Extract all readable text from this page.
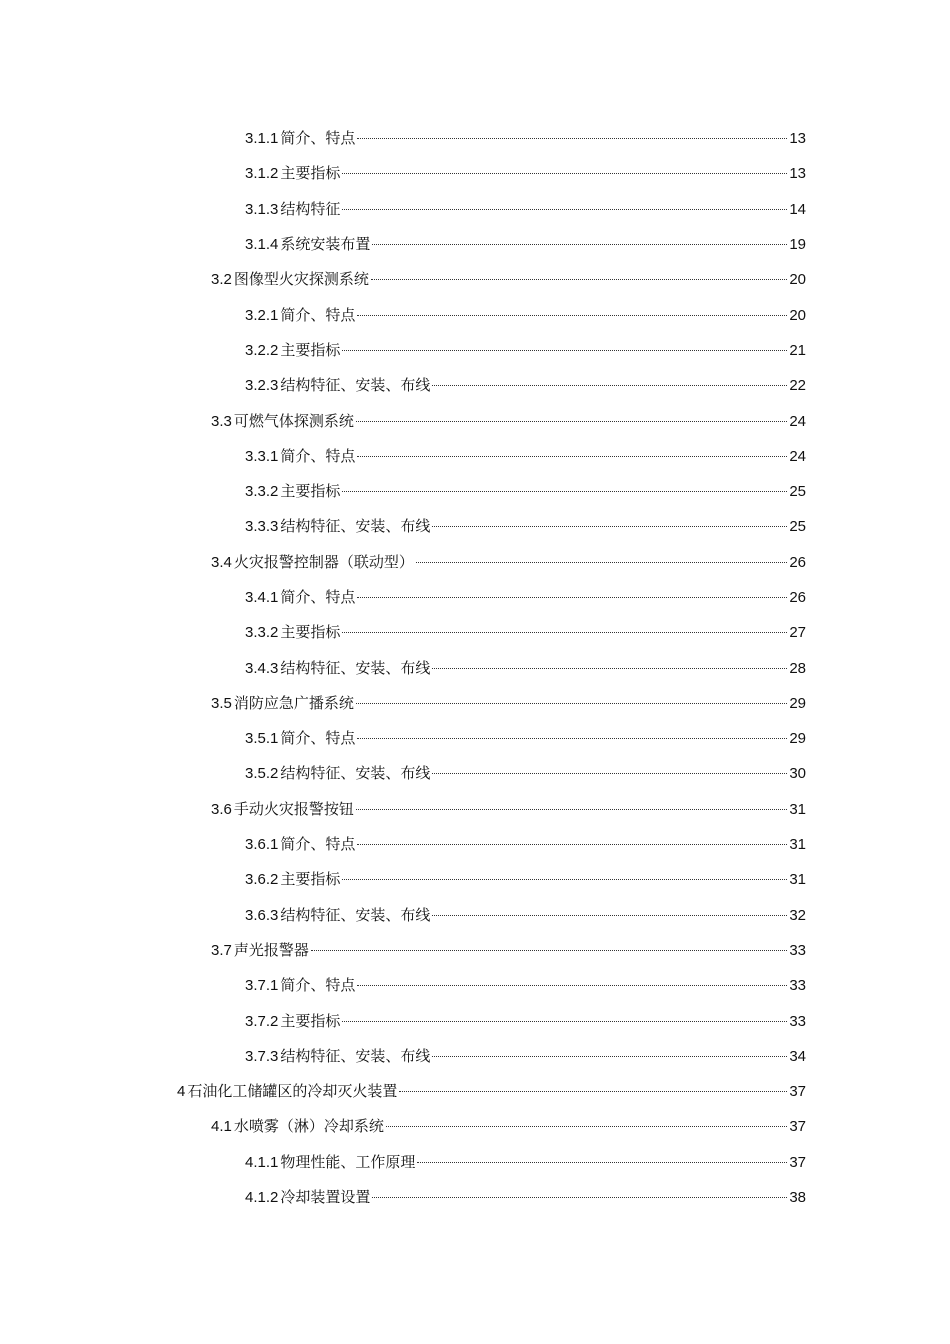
3.1.1 简介、特点	13
3.1.2 主要指标	13
3.1.3 结构特征	14
3.1.4 系统安装布置	19
3.2 图像型火灾探测系统	20
3.2.1 简介、特点	20
3.2.2 主要指标	21
3.2.3 结构特征、安装、布线	22
3.3 可燃气体探测系统	24
3.3.1 简介、特点	24
3.3.2 主要指标	25
3.3.3 结构特征、安装、布线	25
3.4 火灾报警控制器（联动型）	26
3.4.1 简介、特点	26
3.3.2 主要指标	27
3.4.3 结构特征、安装、布线	28
3.5 消防应急广播系统	29
3.5.1 简介、特点	29
3.5.2 结构特征、安装、布线	30
3.6 手动火灾报警按钮	31
3.6.1 简介、特点	31
3.6.2 主要指标	31
3.6.3 结构特征、安装、布线	32
3.7 声光报警器	33
3.7.1 简介、特点	33
3.7.2 主要指标	33
3.7.3 结构特征、安装、布线	34
4 石油化工储罐区的冷却灭火装置	37
4.1 水喷雾（淋）冷却系统	37
4.1.1 物理性能、工作原理	37
4.1.2 冷却装置设置	38
